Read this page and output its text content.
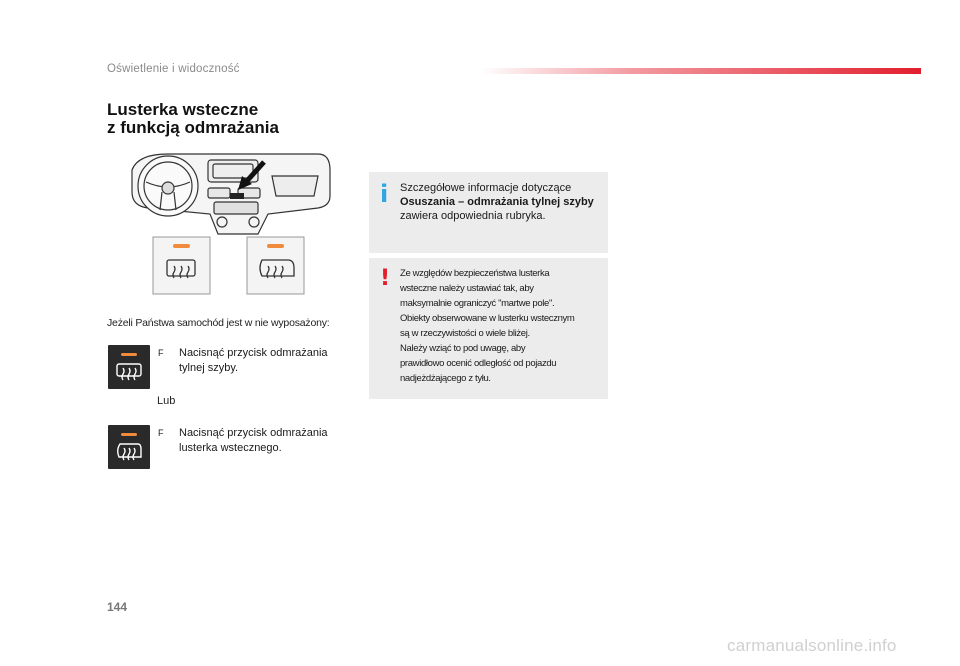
Oświetlenie i widoczność
Lusterka wsteczne
z funkcją odmrażania
Jeżeli Państwa samochód jest w nie wyposażony:
F	Nacisnąć przycisk odmrażania tylnej szyby.
Lub
F	Nacisnąć przycisk odmrażania lusterka wstecznego.
i Szczegółowe informacje dotyczące Osuszania – odmrażania tylnej szyby zawiera odpowiednia rubryka.
! Ze względów bezpieczeństwa lusterka
wsteczne należy ustawiać tak, aby
maksymalnie ograniczyć "martwe pole".
Obiekty obserwowane w lusterku wstecznym
są w rzeczywistości o wiele bliżej.
Należy wziąć to pod uwagę, aby
prawidłowo ocenić odległość od pojazdu
nadjeżdżającego z tyłu.
144
carmanualsonline.info
